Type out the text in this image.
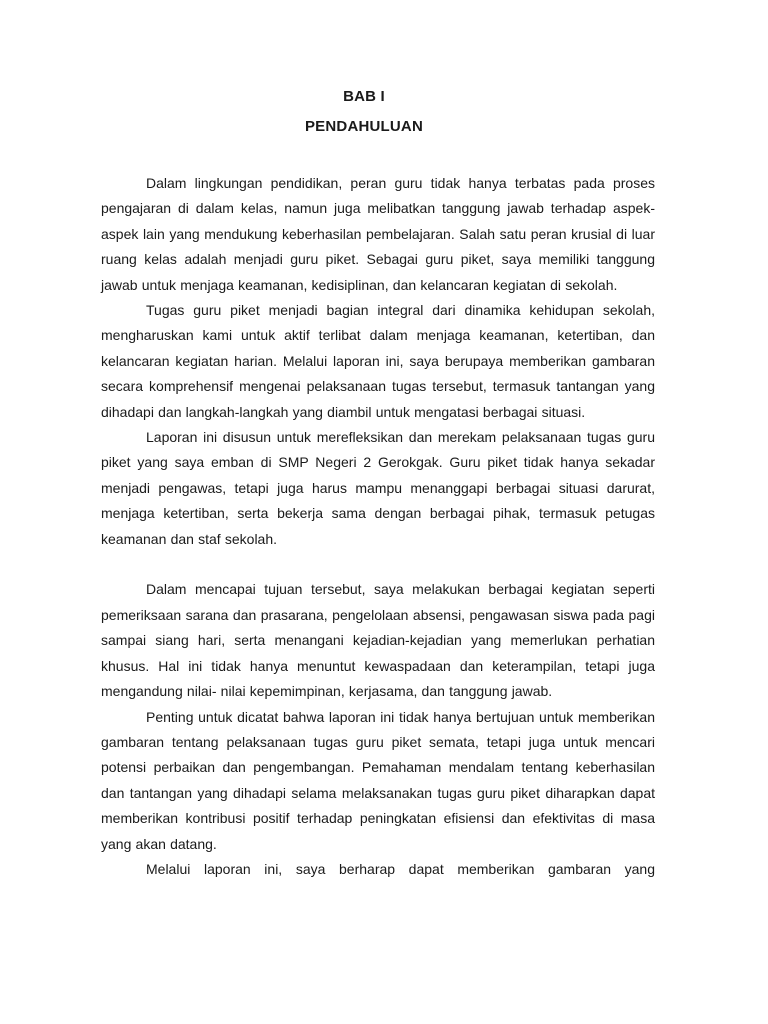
BAB I
PENDAHULUAN

Dalam lingkungan pendidikan, peran guru tidak hanya terbatas pada proses pengajaran di dalam kelas, namun juga melibatkan tanggung jawab terhadap aspek-aspek lain yang mendukung keberhasilan pembelajaran. Salah satu peran krusial di luar ruang kelas adalah menjadi guru piket. Sebagai guru piket, saya memiliki tanggung jawab untuk menjaga keamanan, kedisiplinan, dan kelancaran kegiatan di sekolah.

Tugas guru piket menjadi bagian integral dari dinamika kehidupan sekolah, mengharuskan kami untuk aktif terlibat dalam menjaga keamanan, ketertiban, dan kelancaran kegiatan harian. Melalui laporan ini, saya berupaya memberikan gambaran secara komprehensif mengenai pelaksanaan tugas tersebut, termasuk tantangan yang dihadapi dan langkah-langkah yang diambil untuk mengatasi berbagai situasi.

Laporan ini disusun untuk merefleksikan dan merekam pelaksanaan tugas guru piket yang saya emban di SMP Negeri 2 Gerokgak. Guru piket tidak hanya sekadar menjadi pengawas, tetapi juga harus mampu menanggapi berbagai situasi darurat, menjaga ketertiban, serta bekerja sama dengan berbagai pihak, termasuk petugas keamanan dan staf sekolah.

Dalam mencapai tujuan tersebut, saya melakukan berbagai kegiatan seperti pemeriksaan sarana dan prasarana, pengelolaan absensi, pengawasan siswa pada pagi sampai siang hari, serta menangani kejadian-kejadian yang memerlukan perhatian khusus. Hal ini tidak hanya menuntut kewaspadaan dan keterampilan, tetapi juga mengandung nilai- nilai kepemimpinan, kerjasama, dan tanggung jawab.

Penting untuk dicatat bahwa laporan ini tidak hanya bertujuan untuk memberikan gambaran tentang pelaksanaan tugas guru piket semata, tetapi juga untuk mencari potensi perbaikan dan pengembangan. Pemahaman mendalam tentang keberhasilan dan tantangan yang dihadapi selama melaksanakan tugas guru piket diharapkan dapat memberikan kontribusi positif terhadap peningkatan efisiensi dan efektivitas di masa yang akan datang.

Melalui laporan ini, saya berharap dapat memberikan gambaran yang
